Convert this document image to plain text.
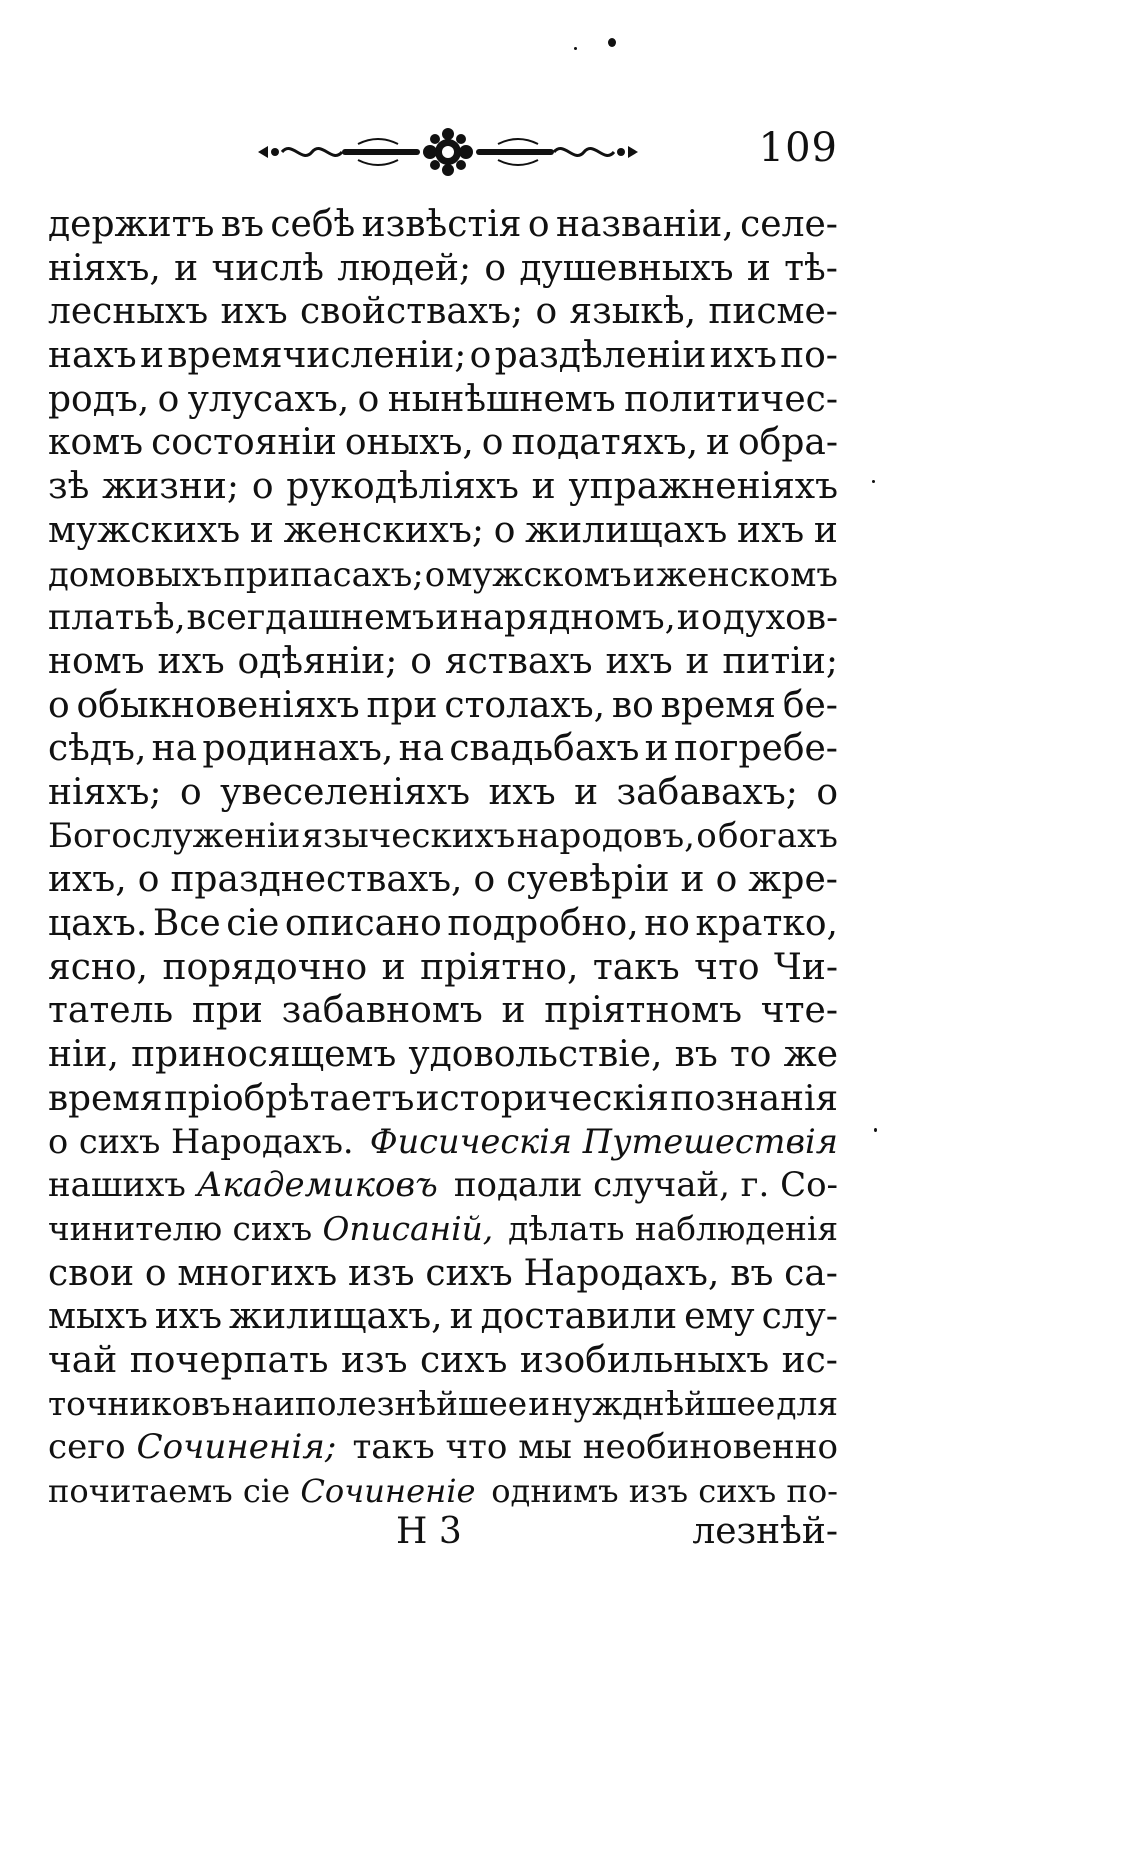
109
держитъ въ себѣ извѣстія о названіи, селе-
ніяхъ, и числѣ людей; о душевныхъ и тѣ-
лесныхъ ихъ свойствахъ; о языкѣ, писме-
нахъ и времячисленіи; о раздѣленіи ихъ по-
родъ, о улусахъ, о нынѣшнемъ политичес-
комъ состояніи оныхъ, о податяхъ, и обра-
зѣ жизни; о рукодѣліяхъ и упражненіяхъ
мужскихъ и женскихъ; о жилищахъ ихъ и
домовыхъ припасахъ; о мужскомъ и женскомъ
платьѣ, всегдашнемъ и нарядномъ, и о духов-
номъ ихъ одѣяніи; о яствахъ ихъ и питіи;
о обыкновеніяхъ при столахъ, во время бе-
сѣдъ, на родинахъ, на свадьбахъ и погребе-
ніяхъ; о увеселеніяхъ ихъ и забавахъ; о
Богослуженіи языческихъ народовъ, о богахъ
ихъ, о празднествахъ, о суевѣріи и о жре-
цахъ. Все сіе описано подробно, но кратко,
ясно, порядочно и пріятно, такъ что Чи-
татель при забавномъ и пріятномъ чте-
ніи, приносящемъ удовольствіе, въ то же
время пріобрѣтаетъ историческія познанія
о сихъ Народахъ. Фисическія Путешествія
нашихъ Академиковъ подали случай, г. Со-
чинителю сихъ Описаній, дѣлать наблюденія
свои о многихъ изъ сихъ Народахъ, въ са-
мыхъ ихъ жилищахъ, и доставили ему слу-
чай почерпать изъ сихъ изобильныхъ ис-
точниковъ наиполезнѣйшее и нужднѣйшее для
сего Сочиненія; такъ что мы необиновенно
почитаемъ сіе Сочиненіе однимъ изъ сихъ по-
Н 3	лезнѣй-
